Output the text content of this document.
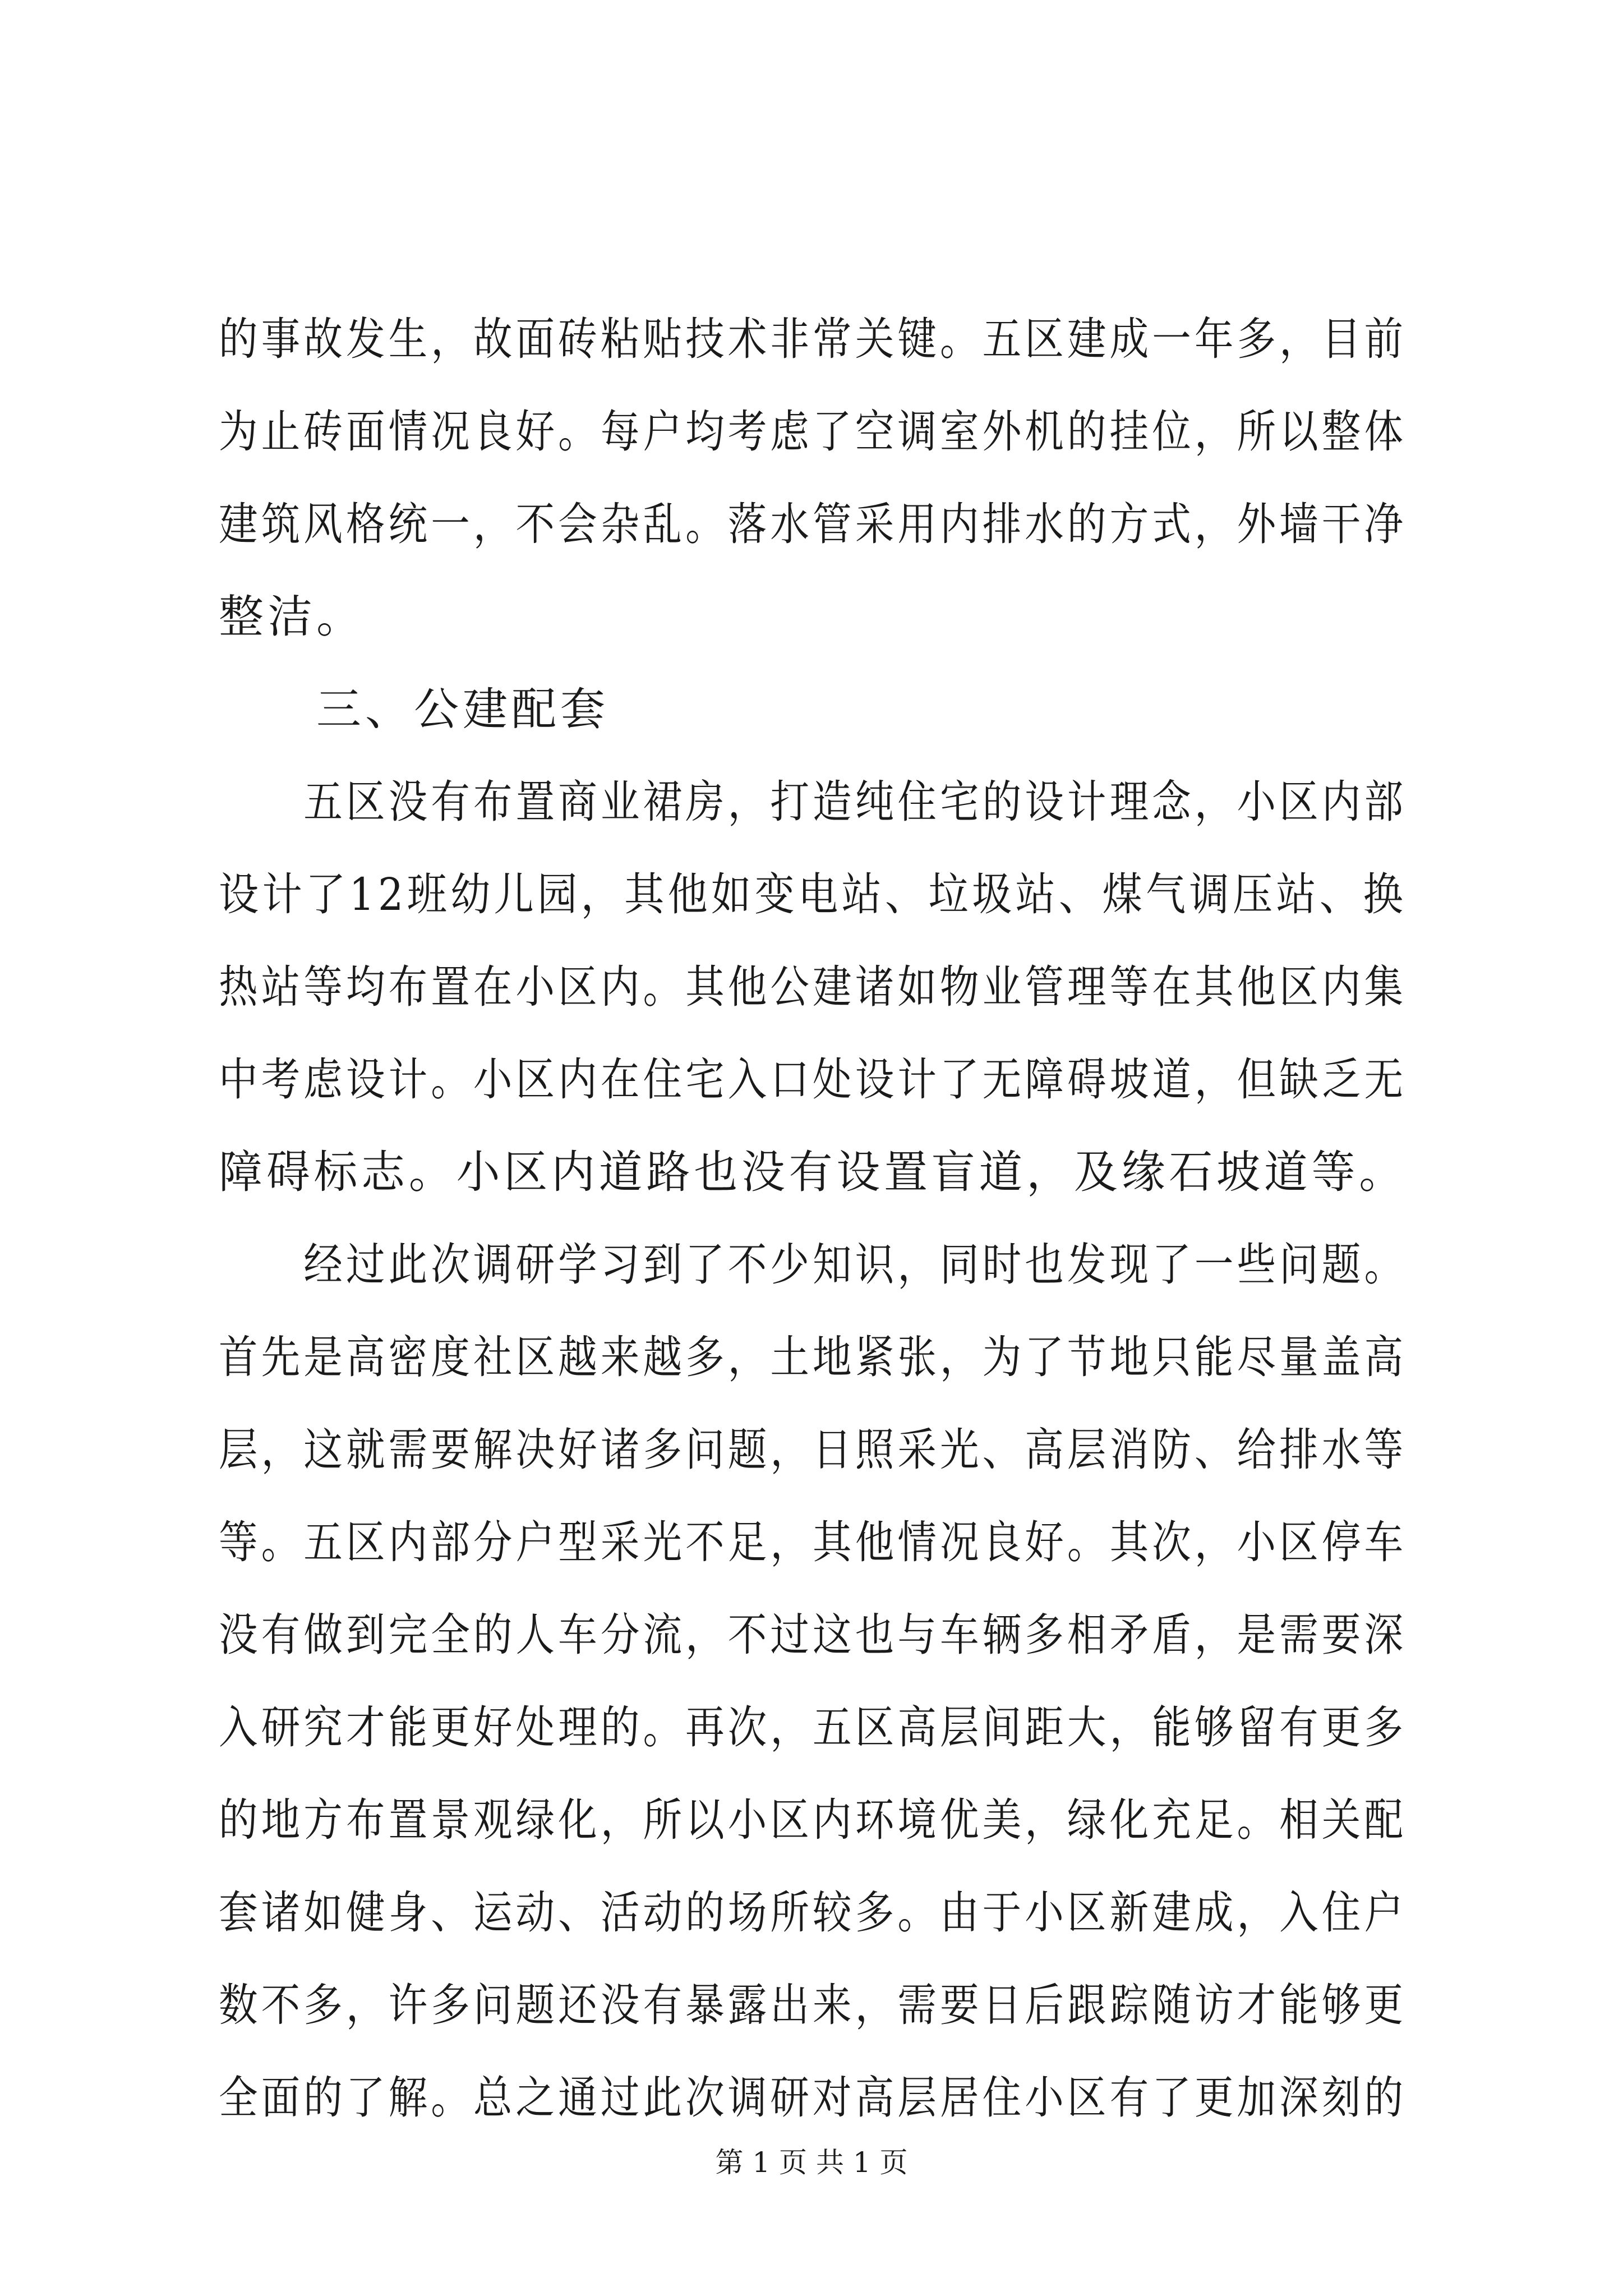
的事故发生，故面砖粘贴技术非常关键。五区建成一年多，目前
为止砖面情况良好。每户均考虑了空调室外机的挂位，所以整体
建筑风格统一，不会杂乱。落水管采用内排水的方式，外墙干净
整洁。
　　三、公建配套
　　五区没有布置商业裙房，打造纯住宅的设计理念，小区内部
设计了12班幼儿园，其他如变电站、垃圾站、煤气调压站、换
热站等均布置在小区内。其他公建诸如物业管理等在其他区内集
中考虑设计。小区内在住宅入口处设计了无障碍坡道，但缺乏无
障碍标志。小区内道路也没有设置盲道，及缘石坡道等。
　　经过此次调研学习到了不少知识，同时也发现了一些问题。
首先是高密度社区越来越多，土地紧张，为了节地只能尽量盖高
层，这就需要解决好诸多问题，日照采光、高层消防、给排水等
等。五区内部分户型采光不足，其他情况良好。其次，小区停车
没有做到完全的人车分流，不过这也与车辆多相矛盾，是需要深
入研究才能更好处理的。再次，五区高层间距大，能够留有更多
的地方布置景观绿化，所以小区内环境优美，绿化充足。相关配
套诸如健身、运动、活动的场所较多。由于小区新建成，入住户
数不多，许多问题还没有暴露出来，需要日后跟踪随访才能够更
全面的了解。总之通过此次调研对高层居住小区有了更加深刻的
第 1 页 共 1 页
